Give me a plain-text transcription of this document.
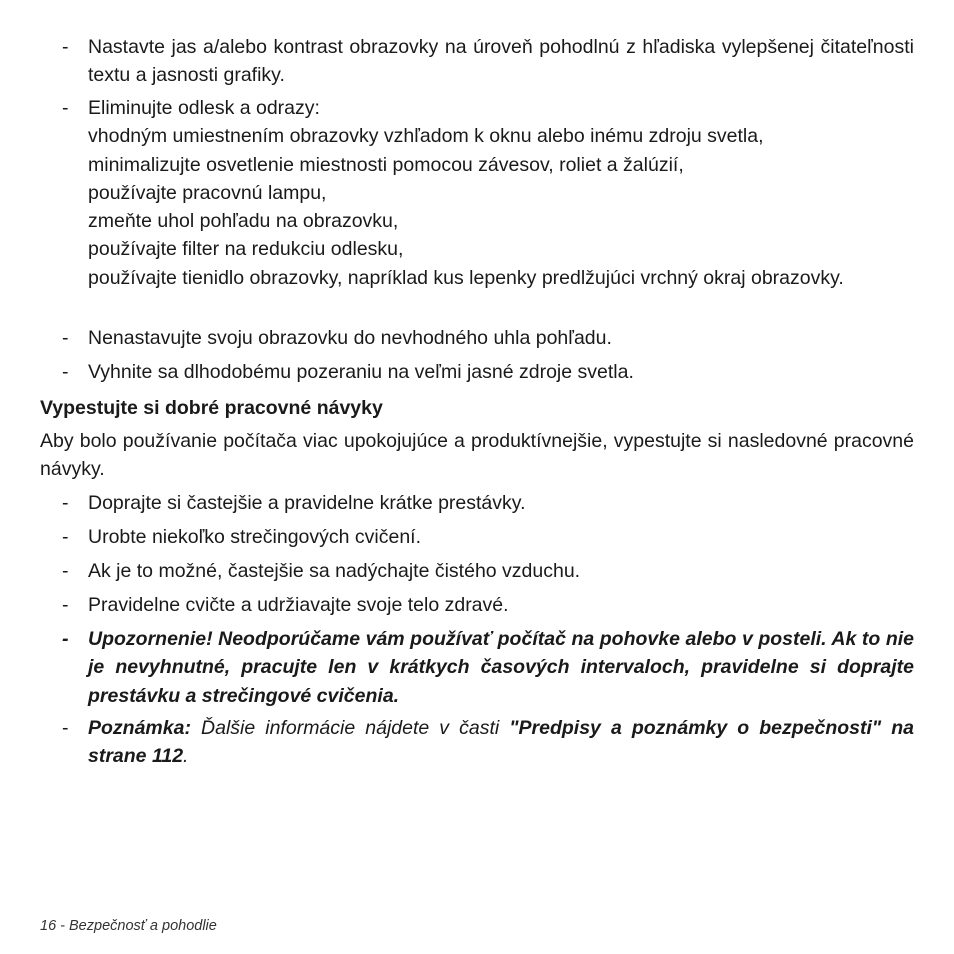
-	Nastavte jas a/alebo kontrast obrazovky na úroveň pohodlnú z hľadiska vylepšenej čitateľnosti textu a jasnosti grafiky.
-	Eliminujte odlesk a odrazy:
vhodným umiestnením obrazovky vzhľadom k oknu alebo inému zdroju svetla,
minimalizujte osvetlenie miestnosti pomocou závesov, roliet a žalúzií,
používajte pracovnú lampu,
zmeňte uhol pohľadu na obrazovku,
používajte filter na redukciu odlesku,
používajte tienidlo obrazovky, napríklad kus lepenky predlžujúci vrchný okraj obrazovky.
-	Nenastavujte svoju obrazovku do nevhodného uhla pohľadu.
-	Vyhnite sa dlhodobému pozeraniu na veľmi jasné zdroje svetla.
Vypestujte si dobré pracovné návyky
Aby bolo používanie počítača viac upokojujúce a produktívnejšie, vypestujte si nasledovné pracovné návyky.
-	Doprajte si častejšie a pravidelne krátke prestávky.
-	Urobte niekoľko strečingových cvičení.
-	Ak je to možné, častejšie sa nadýchajte čistého vzduchu.
-	Pravidelne cvičte a udržiavajte svoje telo zdravé.
-	Upozornenie! Neodporúčame vám používať počítač na pohovke alebo v posteli. Ak to nie je nevyhnutné, pracujte len v krátkych časových intervaloch, pravidelne si doprajte prestávku a strečingové cvičenia.
-	Poznámka: Ďalšie informácie nájdete v časti "Predpisy a poznámky o bezpečnosti" na strane 112.
16 - Bezpečnosť a pohodlie
